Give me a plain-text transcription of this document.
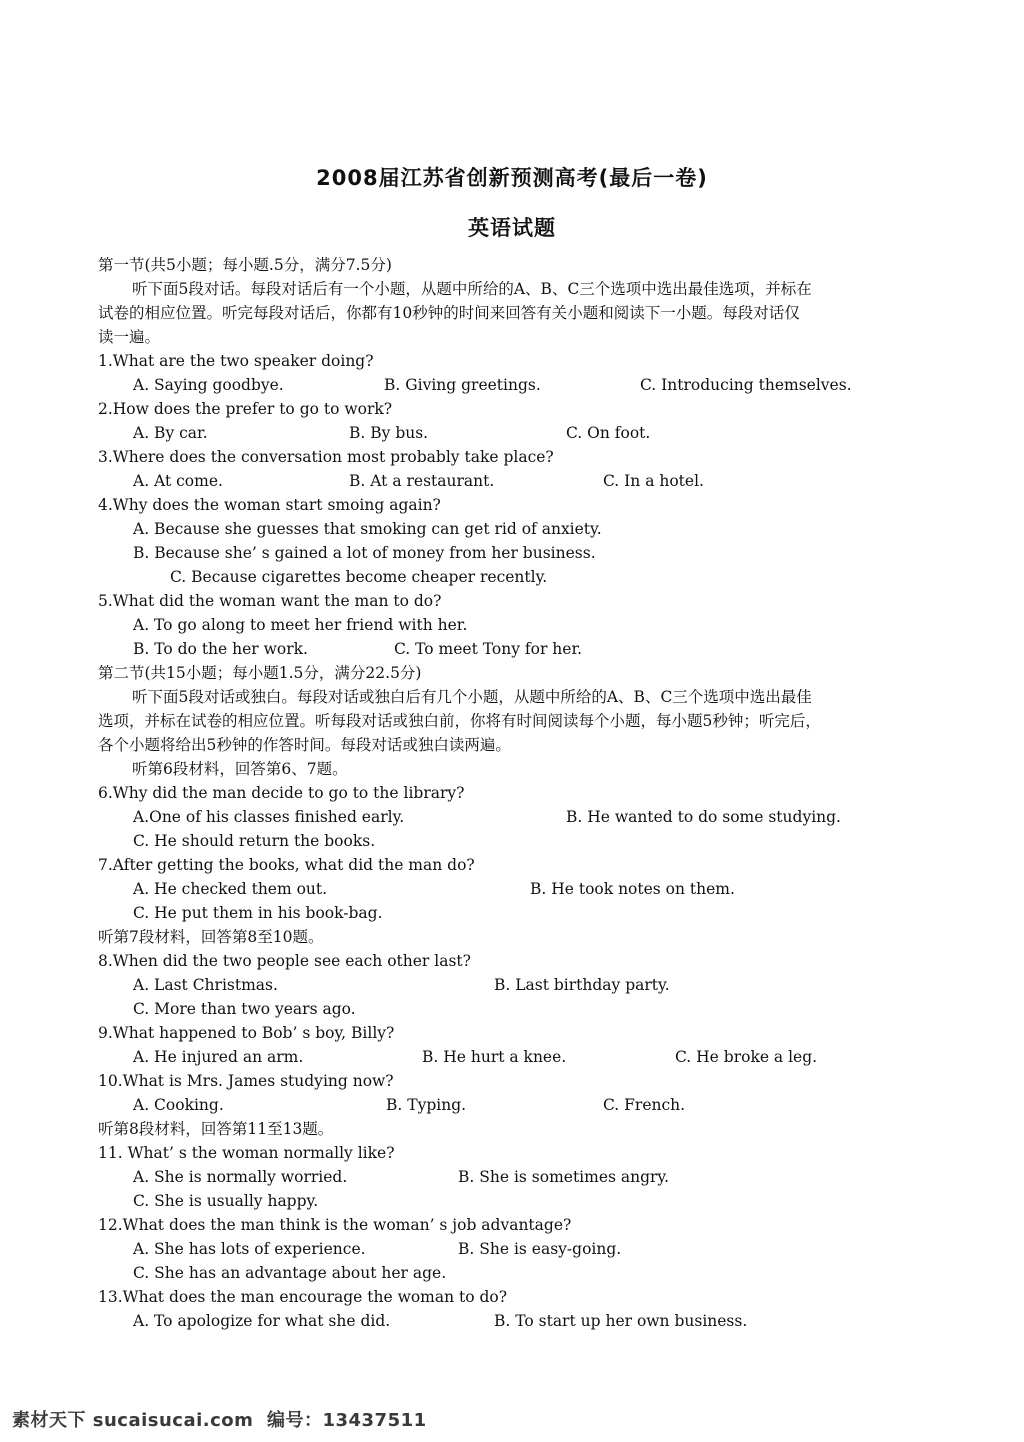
2008届江苏省创新预测高考(最后一卷)
英语试题
第一节(共5小题；每小题.5分，满分7.5分)
听下面5段对话。每段对话后有一个小题，从题中所给的A、B、C三个选项中选出最佳选项，并标在
试卷的相应位置。听完每段对话后，你都有10秒钟的时间来回答有关小题和阅读下一小题。每段对话仅
读一遍。
1.What are the two speaker doing?
A. Saying goodbye.	B. Giving greetings.	C. Introducing themselves.
2.How does the prefer to go to work?
A. By car.	B. By bus.	C. On foot.
3.Where does the conversation most probably take place?
A. At come.	B. At a restaurant.	C. In a hotel.
4.Why does the woman start smoing again?
A. Because she guesses that smoking can get rid of anxiety.
B. Because she’ s gained a lot of money from her business.
C. Because cigarettes become cheaper recently.
5.What did the woman want the man to do?
A. To go along to meet her friend with her.
B. To do the her work.	C. To meet Tony for her.
第二节(共15小题；每小题1.5分，满分22.5分)
听下面5段对话或独白。每段对话或独白后有几个小题，从题中所给的A、B、C三个选项中选出最佳
选项，并标在试卷的相应位置。听每段对话或独白前，你将有时间阅读每个小题，每小题5秒钟；听完后，
各个小题将给出5秒钟的作答时间。每段对话或独白读两遍。
听第6段材料，回答第6、7题。
6.Why did the man decide to go to the library?
A.One of his classes finished early.	B. He wanted to do some studying.
C. He should return the books.
7.After getting the books, what did the man do?
A. He checked them out.	B. He took notes on them.
C. He put them in his book-bag.
听第7段材料，回答第8至10题。
8.When did the two people see each other last?
A. Last Christmas.	B. Last birthday party.
C. More than two years ago.
9.What happened to Bob’ s boy, Billy?
A. He injured an arm.	B. He hurt a knee.	C. He broke a leg.
10.What is Mrs. James studying now?
A. Cooking.	B. Typing.	C. French.
听第8段材料，回答第11至13题。
11. What’ s the woman normally like?
A. She is normally worried.	B. She is sometimes angry.
C. She is usually happy.
12.What does the man think is the woman’ s job advantage?
A. She has lots of experience.	B. She is easy-going.
C. She has an advantage about her age.
13.What does the man encourage the woman to do?
A. To apologize for what she did.	B. To start up her own business.
素材天下 sucaisucai.com  编号：13437511
